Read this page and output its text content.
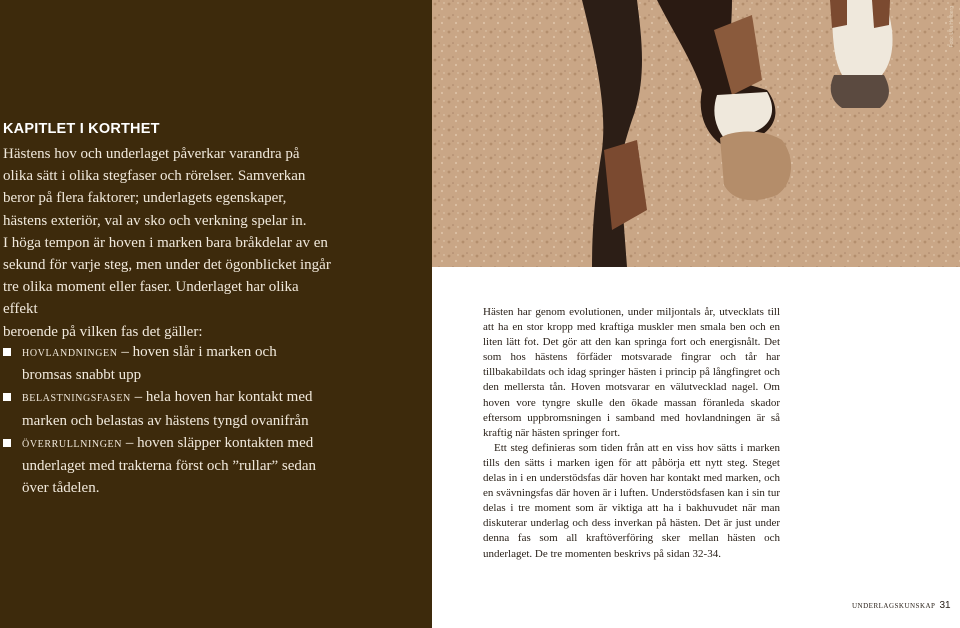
KAPITLET I KORTHET

Hästens hov och underlaget påverkar varandra på
olika sätt i olika stegfaser och rörelser. Samverkan
beror på flera faktorer; underlagets egenskaper,
hästens exteriör, val av sko och verkning spelar in.
I höga tempon är hoven i marken bara bråkdelar av en
sekund för varje steg, men under det ögonblicket ingår
tre olika moment eller faser. Underlaget har olika effekt
beroende på vilken fas det gäller:

hovlandningen – hoven slår i marken och bromsas snabbt upp
belastningsfasen – hela hoven har kontakt med marken och belastas av hästens tyngd ovanifrån
överrullningen – hoven släpper kontakten med underlaget med trakterna först och ”rullar” sedan över tådelen.
Foto: Ulla Hellberg

Hästen har genom evolutionen, under miljontals år, utvecklats till att ha en stor kropp med kraftiga muskler men smala ben och en liten lätt fot. Det gör att den kan springa fort och energisnålt. Det som hos hästens förfäder motsvarade fingrar och tår har tillbakabildats och idag springer hästen i princip på långfingret och den mellersta tån. Hoven motsvarar en välutvecklad nagel. Om hoven vore tyngre skulle den ökade massan föranleda skador eftersom uppbromsningen i samband med hovlandningen är så kraftig när hästen springer fort.

Ett steg definieras som tiden från att en viss hov sätts i marken tills den sätts i marken igen för att påbörja ett nytt steg. Steget delas in i en understödsfas där hoven har kontakt med marken, och en svävningsfas där hoven är i luften. Understödsfasen kan i sin tur delas i tre moment som är viktiga att ha i bakhuvudet när man diskuterar underlag och dess inverkan på hästen. Det är just under denna fas som all kraftöverföring sker mellan hästen och underlaget. De tre momenten beskrivs på sidan 32-34.

underlagskunskap 31
